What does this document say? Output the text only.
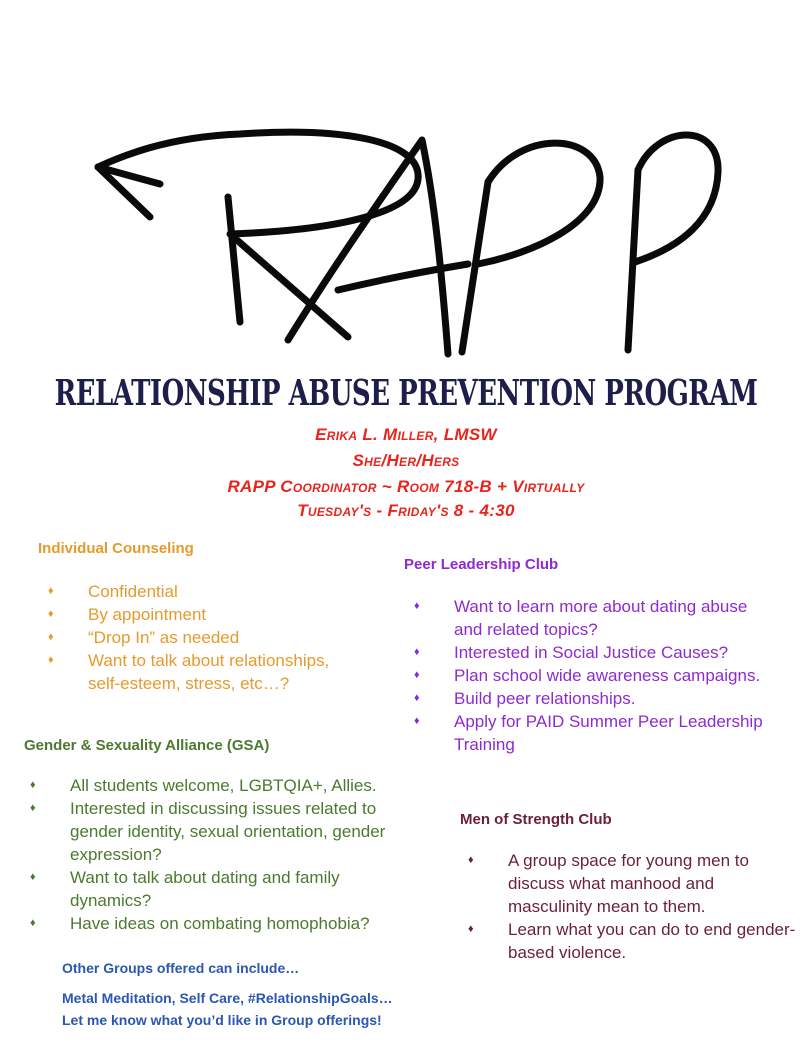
RELATIONSHIP ABUSE PREVENTION PROGRAM
Erika L. Miller, LMSW
She/Her/Hers
RAPP Coordinator ~ Room 718-B + Virtually
Tuesday's - Friday's 8 - 4:30
Individual Counseling
♦ Confidential
♦ By appointment
♦ “Drop In” as needed
♦ Want to talk about relationships, self-esteem, stress, etc…?
Gender & Sexuality Alliance (GSA)
♦ All students welcome, LGBTQIA+, Allies.
♦ Interested in discussing issues related to gender identity, sexual orientation, gender expression?
♦ Want to talk about dating and family dynamics?
♦ Have ideas on combating homophobia?
Peer Leadership Club
♦ Want to learn more about dating abuse and related topics?
♦ Interested in Social Justice Causes?
♦ Plan school wide awareness campaigns.
♦ Build peer relationships.
♦ Apply for PAID Summer Peer Leadership Training
Men of Strength Club
♦ A group space for young men to discuss what manhood and masculinity mean to them.
♦ Learn what you can do to end gender-based violence.
Other Groups offered can include…
Metal Meditation, Self Care, #RelationshipGoals…
Let me know what you’d like in Group offerings!
